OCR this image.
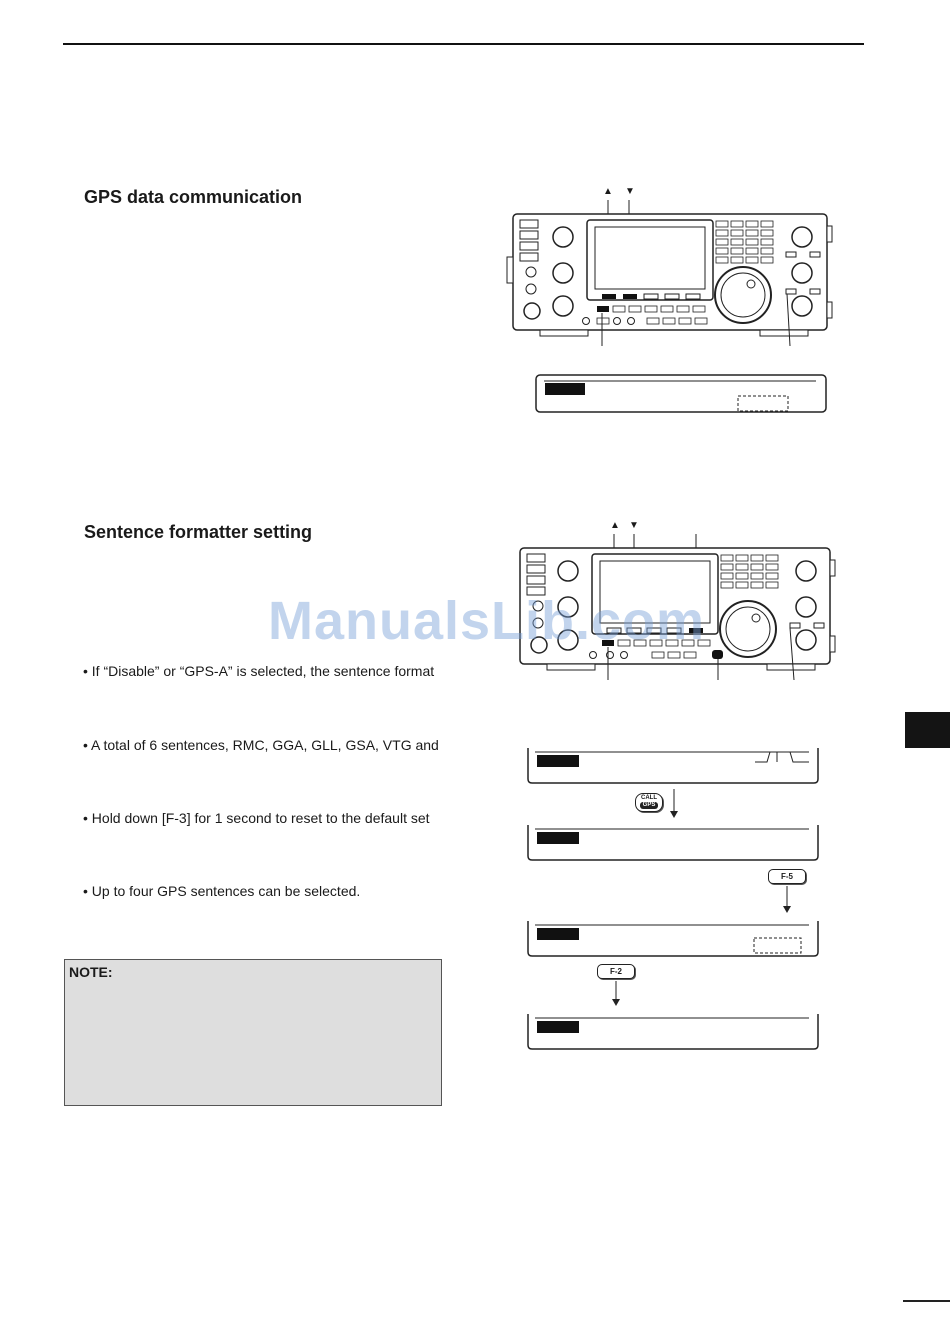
GPS data communication	▲ ▼
Sentence formatter setting	▲ ▼
• If “Disable” or “GPS-A” is selected, the sentence format
• A total of 6 sentences, RMC, GGA, GLL, GSA, VTG and
• Hold down [F-3] for 1 second to reset to the default set
• Up to four GPS sentences can be selected.
CALL
GPS
F-5
F-2
NOTE:
ManualsLib.com
